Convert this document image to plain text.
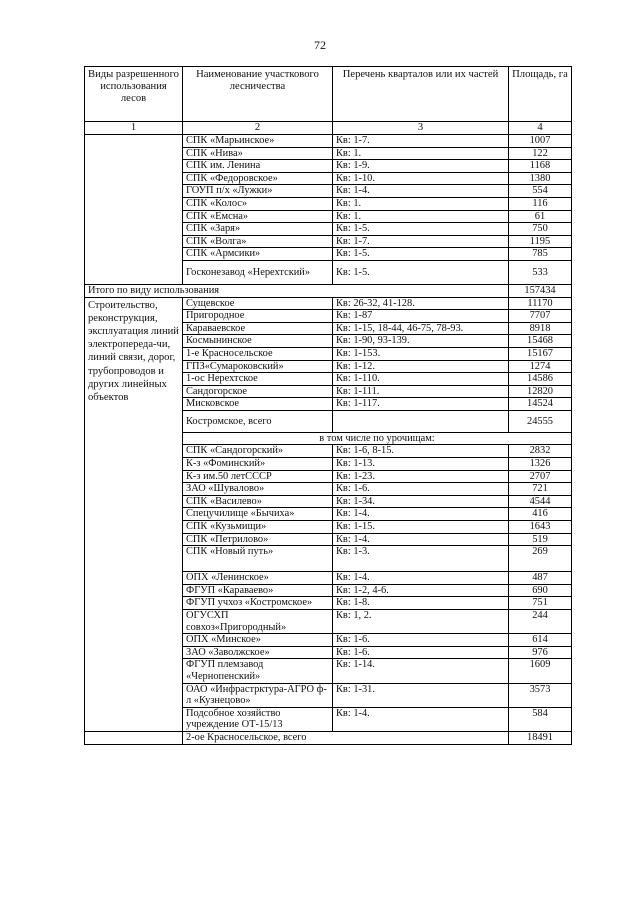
72
Виды разрешенного использования лесов	Наименование участкового лесничества	Перечень кварталов или их частей	Площадь, га
1	2	3	4
	СПК «Марьинское»	Кв: 1-7.	1007
	СПК «Нива»	Кв: 1.	122
	СПК им. Ленина	Кв: 1-9.	1168
	СПК «Федоровское»	Кв: 1-10.	1380
	ГОУП п/х «Лужки»	Кв: 1-4.	554
	СПК «Колос»	Кв: 1.	116
	СПК «Емсна»	Кв: 1.	61
	СПК «Заря»	Кв: 1-5.	750
	СПК «Волга»	Кв: 1-7.	1195
	СПК «Армсики»	Кв: 1-5.	785
	Госконезавод «Нерехтский»	Кв: 1-5.	533
Итого по виду использования			157434
Строительство, реконструкция, эксплуатация линий электропереда-чи, линий связи, дорог, трубопроводов и других линейных объектов	Сущевское	Кв: 26-32, 41-128.	11170
	Пригородное	Кв: 1-87	7707
	Караваевское	Кв: 1-15, 18-44, 46-75, 78-93.	8918
	Космынинское	Кв: 1-90, 93-139.	15468
	1-е Красносельское	Кв: 1-153.	15167
	ГПЗ«Сумароковский»	Кв: 1-12.	1274
	1-ос Нерехтское	Кв: 1-110.	14586
	Сандогорское	Кв: 1-111.	12820
	Мисковское	Кв: 1-117.	14524
	Костромское, всего		24555
	в том числе по урочищам:		
	СПК «Сандогорский»	Кв: 1-6, 8-15.	2832
	К-з «Фоминский»	Кв: 1-13.	1326
	К-з им.50 летСССР	Кв: 1-23.	2707
	ЗАО «Шувалово»	Кв: 1-6.	721
	СПК «Василево»	Кв: 1-34.	4544
	Спецучилище «Бычиха»	Кв: 1-4.	416
	СПК «Кузьмищи»	Кв: 1-15.	1643
	СПК «Петрилово»	Кв: 1-4.	519
	СПК «Новый путь»	Кв: 1-3.	269
	ОПХ «Ленинское»	Кв: 1-4.	487
	ФГУП «Караваево»	Кв: 1-2, 4-6.	690
	ФГУП учхоз «Костромское»	Кв: 1-8.	751
	ОГУСХП совхоз«Пригородный»	Кв: 1, 2.	244
	ОПХ «Минское»	Кв: 1-6.	614
	ЗАО «Заволжское»	Кв: 1-6.	976
	ФГУП племзавод «Чернопенский»	Кв: 1-14.	1609
	ОАО «Инфрастрктура-АГРО ф-л «Кузнецово»	Кв: 1-31.	3573
	Подсобное хозяйство учреждение ОТ-15/13	Кв: 1-4.	584
	2-ое Красносельское, всего		18491
